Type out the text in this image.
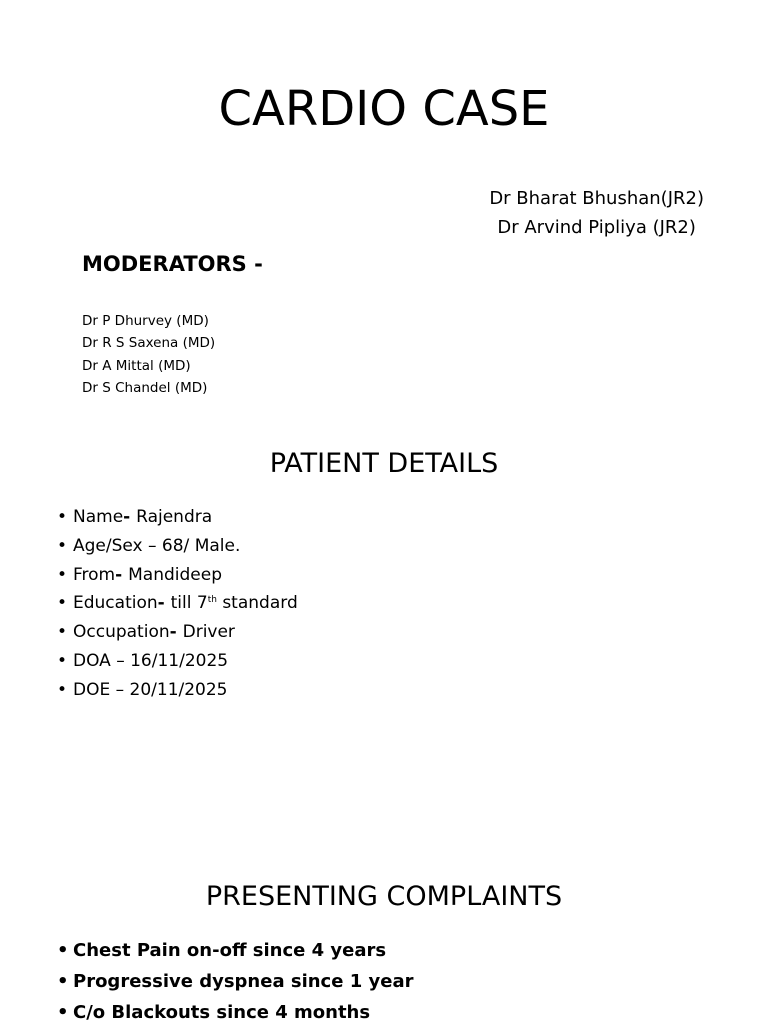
CARDIO CASE
Dr Bharat Bhushan(JR2)
Dr Arvind Pipliya (JR2)
MODERATORS -
Dr P Dhurvey (MD)
Dr R S Saxena (MD)
Dr A Mittal (MD)
Dr S Chandel (MD)
PATIENT DETAILS
• Name- Rajendra
• Age/Sex – 68/ Male.
• From- Mandideep
• Education- till 7th standard
• Occupation- Driver
• DOA – 16/11/2025
• DOE – 20/11/2025
PRESENTING COMPLAINTS
• Chest Pain on-off since 4 years
• Progressive dyspnea since 1 year
• C/o Blackouts since 4 months
